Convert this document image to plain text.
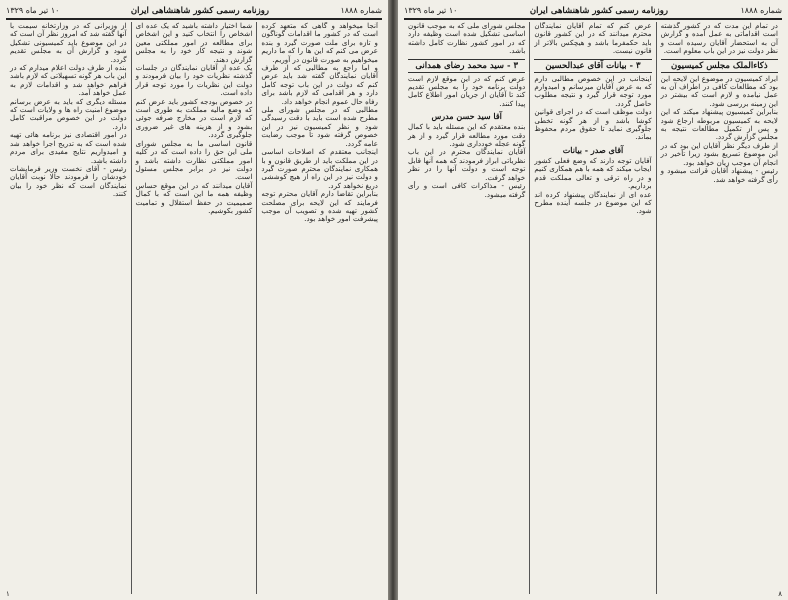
شماره ۱۸۸۸
روزنامه رسمی کشور شاهنشاهی ایران
۱۰ تیر ماه ۱۳۲۹

آنجا میخواهد و گاهی که متعهد کرده است که در کشور ما اقدامات گوناگون و تازه برای ملت صورت گیرد و بنده عرض می کنم که این ها را که ما داریم میخواهیم به صورت قانون در آوریم.

و اما راجع به مطالبی که از طرف آقایان نمایندگان گفته شد باید عرض کنم که دولت در این باب توجه کامل دارد و هر اقدامی که لازم باشد برای رفاه حال عموم انجام خواهد داد.

مطالبی که در مجلس شورای ملی مطرح شده است باید با دقت رسیدگی شود و نظر کمیسیون نیز در این خصوص گرفته شود تا موجب رضایت عامه گردد.

اینجانب معتقدم که اصلاحات اساسی در این مملکت باید از طریق قانون و با همکاری نمایندگان محترم صورت گیرد و دولت نیز در این راه از هیچ کوششی دریغ نخواهد کرد.

بنابراین تقاضا دارم آقایان محترم توجه فرمایند که این لایحه برای مصلحت کشور تهیه شده و تصویب آن موجب پیشرفت امور خواهد بود.

شما اختیار داشته باشید که یک عده ای اشخاص را انتخاب کنید و این اشخاص برای مطالعه در امور مملکتی معین شوند و نتیجه کار خود را به مجلس گزارش دهند.

یک عده از آقایان نمایندگان در جلسات گذشته نظریات خود را بیان فرمودند و دولت این نظریات را مورد توجه قرار داده است.

در خصوص بودجه کشور باید عرض کنم که وضع مالیه مملکت به طوری است که لازم است در مخارج صرفه جوئی بشود و از هزینه های غیر ضروری جلوگیری گردد.

قانون اساسی ما به مجلس شورای ملی این حق را داده است که در کلیه امور مملکتی نظارت داشته باشد و دولت نیز در برابر مجلس مسئول است.

آقایان میدانند که در این موقع حساس وظیفه همه ما این است که با کمال صمیمیت در حفظ استقلال و تمامیت کشور بکوشیم.

از وزیرانی که در وزارتخانه سیمت با آنها گفته شد که امروز نظر آن است که در این موضوع باید کمیسیونی تشکیل شود و گزارش آن به مجلس تقدیم گردد.

بنده از طرف دولت اعلام میدارم که در این باب هر گونه تسهیلاتی که لازم باشد فراهم خواهد شد و اقدامات لازم به عمل خواهد آمد.

مسئله دیگری که باید به عرض برسانم موضوع امنیت راه ها و ولایات است که دولت در این خصوص مراقبت کامل دارد.

در امور اقتصادی نیز برنامه هائی تهیه شده است که به تدریج اجرا خواهد شد و امیدواریم نتایج مفیدی برای مردم داشته باشد.

رئیس - آقای نخست وزیر فرمایشات خودشان را فرمودند حالا نوبت آقایان نمایندگان است که نظر خود را بیان کنند.

۱
شماره ۱۸۸۸
روزنامه رسمی کشور شاهنشاهی ایران
۱۰ تیر ماه ۱۳۲۹

در تمام این مدت که در کشور گذشته است اقداماتی به عمل آمده و گزارش آن به استحضار آقایان رسیده است و نظر دولت نیز در این باب معلوم است.

ذکاءالملک مجلس کمیسیون

ایراد کمیسیون در موضوع این لایحه این بود که مطالعات کافی در اطراف آن به عمل نیامده و لازم است که بیشتر در این زمینه بررسی شود.

بنابراین کمیسیون پیشنهاد میکند که این لایحه به کمیسیون مربوطه ارجاع شود و پس از تکمیل مطالعات نتیجه به مجلس گزارش گردد.

از طرف دیگر نظر آقایان این بود که در این موضوع تسریع بشود زیرا تأخیر در انجام آن موجب زیان خواهد بود.

رئیس - پیشنهاد آقایان قرائت میشود و رأی گرفته خواهد شد.

عرض کنم که تمام آقایان نمایندگان محترم میدانند که در این کشور قانون باید حکمفرما باشد و هیچکس بالاتر از قانون نیست.

۳ - بیانات آقای عبدالحسین

اینجانب در این خصوص مطالبی دارم که به عرض آقایان میرسانم و امیدوارم مورد توجه قرار گیرد و نتیجه مطلوب حاصل گردد.

دولت موظف است که در اجرای قوانین کوشا باشد و از هر گونه تخطی جلوگیری نماید تا حقوق مردم محفوظ بماند.

آقای صدر - بیانات

آقایان توجه دارند که وضع فعلی کشور ایجاب میکند که همه با هم همکاری کنیم و در راه ترقی و تعالی مملکت قدم برداریم.

عده ای از نمایندگان پیشنهاد کرده اند که این موضوع در جلسه آینده مطرح شود.

مجلس شورای ملی که به موجب قانون اساسی تشکیل شده است وظیفه دارد که در امور کشور نظارت کامل داشته باشد.

۳ - سید محمد رضای همدانی

عرض کنم که در این موقع لازم است دولت برنامه خود را به مجلس تقدیم کند تا آقایان از جریان امور اطلاع کامل پیدا کنند.

آقا سید حسن مدرس

بنده معتقدم که این مسئله باید با کمال دقت مورد مطالعه قرار گیرد و از هر گونه عجله خودداری شود.

آقایان نمایندگان محترم در این باب نظریاتی ابراز فرمودند که همه آنها قابل توجه است و دولت آنها را در نظر خواهد گرفت.

رئیس - مذاکرات کافی است و رأی گرفته میشود.

۸
